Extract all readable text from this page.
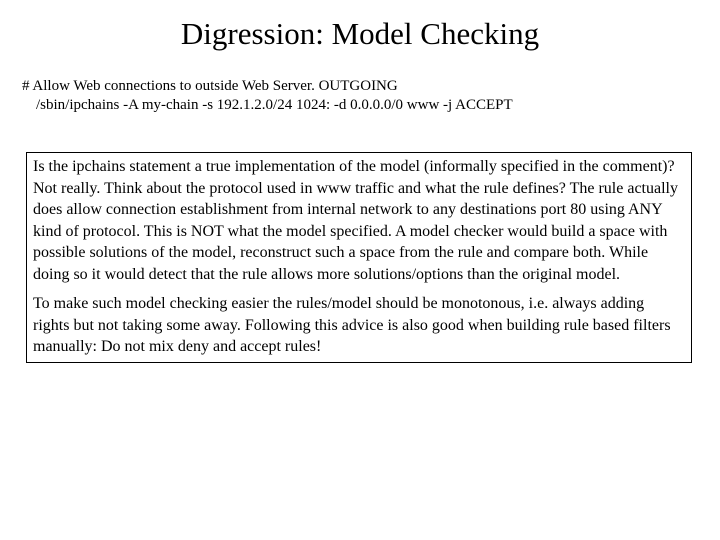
Digression: Model Checking
# Allow Web connections to outside Web Server. OUTGOING
/sbin/ipchains -A my-chain -s 192.1.2.0/24 1024: -d 0.0.0.0/0 www -j ACCEPT

Is the ipchains statement a true implementation of the model (informally specified in the comment)? Not really. Think about the protocol used in www traffic and what the rule defines? The rule actually does allow connection establishment from internal network to any destinations port 80 using ANY kind of protocol. This is NOT what the model specified. A model checker would build a space with possible solutions of the model, reconstruct such a space from the rule and compare both. While doing so it would detect that the rule allows more solutions/options than the original model.

To make such model checking easier the rules/model should be monotonous, i.e. always adding rights but not taking some away. Following this advice is also good when building rule based filters manually: Do not mix deny and accept rules!
